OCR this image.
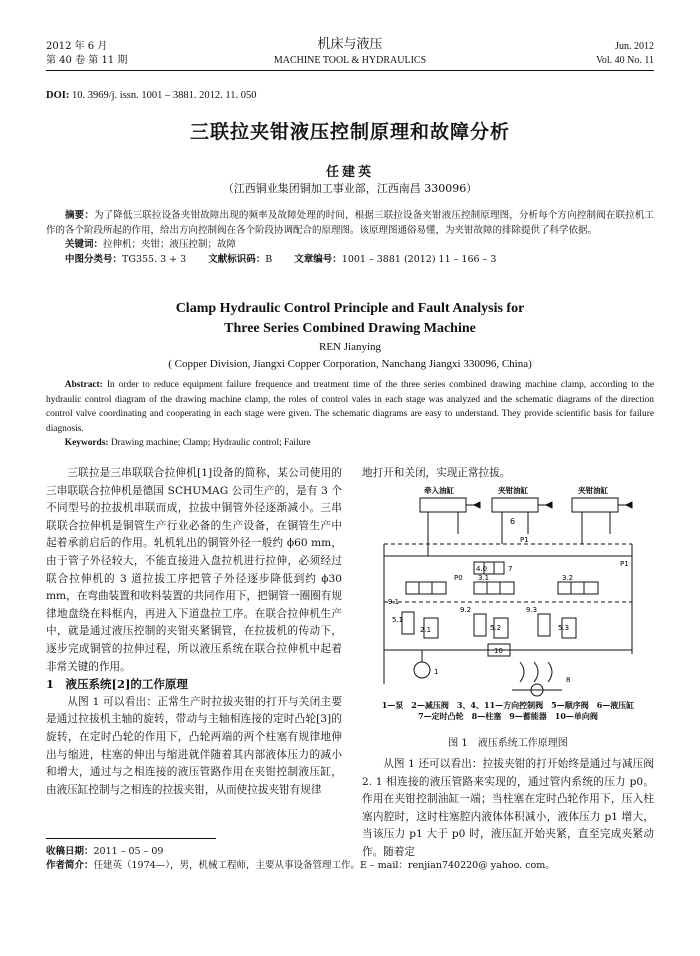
2012 年 6 月
第 40 卷 第 11 期
机床与液压
MACHINE TOOL & HYDRAULICS
Jun. 2012
Vol. 40 No. 11
DOI: 10. 3969/j. issn. 1001 – 3881. 2012. 11. 050
三联拉夹钳液压控制原理和故障分析
任建英
（江西铜业集团铜加工事业部，江西南昌 330096）
摘要：为了降低三联拉设备夹钳故障出现的频率及故障处理的时间，根据三联拉设备夹钳液压控制原理图，分析每个方向控制阀在联拉机工作的各个阶段所起的作用，给出方向控制阀在各个阶段协调配合的原理图。该原理图通俗易懂，为夹钳故障的排除提供了科学依据。
关键词：拉伸机；夹钳；液压控制；故障
中图分类号：TG355. 3 + 3　　 文献标识码：B　　 文章编号：1001 – 3881 (2012) 11 – 166 – 3
Clamp Hydraulic Control Principle and Fault Analysis for
Three Series Combined Drawing Machine
REN Jianying
( Copper Division, Jiangxi Copper Corporation, Nanchang Jiangxi 330096, China)
Abstract: In order to reduce equipment failure frequence and treatment time of the three series combined drawing machine clamp, according to the hydraulic control diagram of the drawing machine clamp, the roles of control vales in each stage was analyzed and the schematic diagrams of the direction control valve coordinating and cooperating in each stage were given. The schematic diagrams are easy to understand. They provide scientific basis for failure diagnosis.
Keywords: Drawing machine; Clamp; Hydraulic control; Failure

三联拉是三串联联合拉伸机[1]设备的简称，某公司使用的三串联联合拉伸机是德国 SCHUMAG 公司生产的，是有 3 个不同型号的拉拔机串联而成，拉拔中铜管外径逐渐减小。三串联联合拉伸机是铜管生产行业必备的生产设备，在铜管生产中起着承前启后的作用。轧机轧出的铜管外径一般约 ϕ60 mm，由于管子外径较大，不能直接进入盘拉机进行拉伸，必须经过联合拉伸机的 3 道拉拔工序把管子外径逐步降低到约 ϕ30 mm，在弯曲装置和收料装置的共同作用下，把铜管一圈圈有规律地盘绕在料框内，再进入下道盘拉工序。在联合拉伸机生产中，就是通过液压控制的夹钳夹紧铜管，在拉拔机的传动下，逐步完成铜管的拉伸过程，所以液压系统在联合拉伸机中起着非常关键的作用。

1　液压系统[2]的工作原理

从图 1 可以看出：正常生产时拉拔夹钳的打开与关闭主要是通过拉拔机主轴的旋转，带动与主轴相连接的定时凸轮[3]的旋转，在定时凸轮的作用下，凸轮两端的两个柱塞有规律地伸出与缩进，柱塞的伸出与缩进就伴随着其内部液体压力的减小和增大，通过与之相连接的液压管路作用在夹钳控制液压缸，由液压缸控制与之相连的拉拔夹钳，从而使拉拔夹钳有规律

地打开和关闭，实现正常拉拔。

牵入油缸	夹钳油缸	夹钳油缸
6
4.0	7
3.1	3.2
9.1
5.1
9.2	9.3
5.2	5.3
2.1
10
1
8
P1
P0
P1
1—泵　2—减压阀　3、4、11—方向控制阀　5—顺序阀　6—液压缸
7—定时凸轮　8—柱塞　9—蓄能器　10—单向阀
图 1　液压系统工作原理图

从图 1 还可以看出：拉拔夹钳的打开始终是通过与减压阀 2. 1 相连接的液压管路来实现的，通过管内系统的压力 p0。作用在夹钳控制油缸一端；当柱塞在定时凸轮作用下，压入柱塞内腔时，这时柱塞腔内液体体积减小，液体压力 p1 增大，当该压力 p1 大于 p0 时，液压缸开始夹紧，直至完成夹紧动作。随着定

收稿日期：2011 – 05 – 09
作者简介：任建英（1974—），男，机械工程师，主要从事设备管理工作。E – mail：renjian740220@ yahoo. com。
